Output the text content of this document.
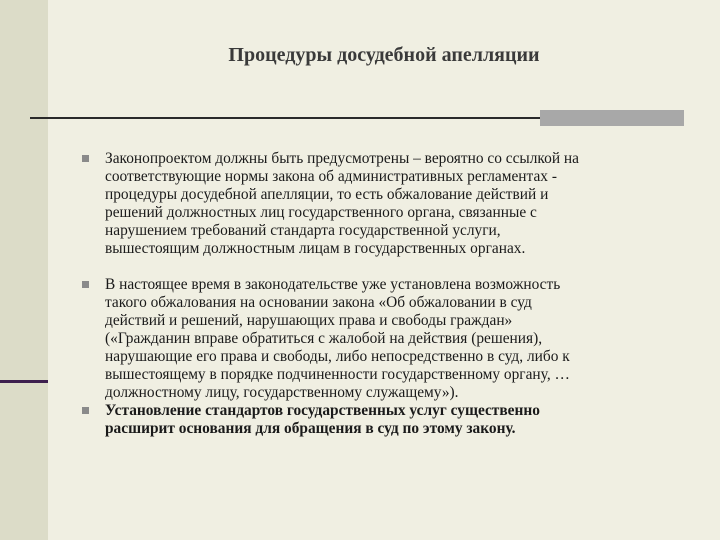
Процедуры досудебной апелляции
Законопроектом должны быть предусмотрены – вероятно со ссылкой на
соответствующие нормы закона об административных регламентах -
процедуры досудебной апелляции, то есть обжалование действий и
решений должностных лиц государственного органа, связанные с
нарушением требований стандарта государственной услуги,
вышестоящим должностным лицам в государственных органах.
В настоящее время в законодательстве уже установлена возможность
такого обжалования на основании закона «Об обжаловании в суд
действий и решений, нарушающих права и свободы граждан»
(«Гражданин вправе обратиться с жалобой на действия (решения),
нарушающие его права и свободы, либо непосредственно в суд, либо к
вышестоящему в порядке подчиненности государственному органу, …
должностному лицу, государственному служащему»).
Установление стандартов государственных услуг существенно
расширит основания для обращения в суд по этому закону.
